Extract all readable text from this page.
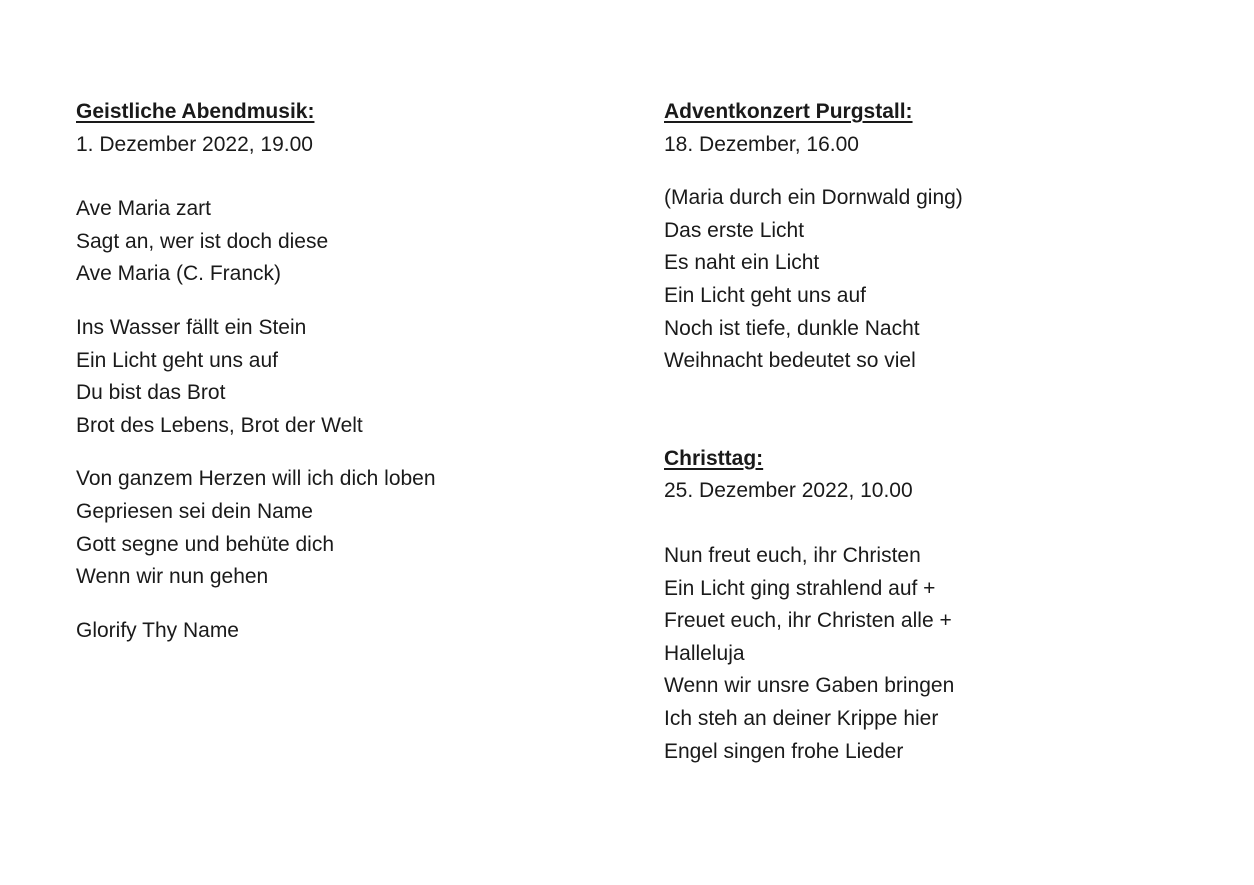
Geistliche Abendmusik:
1. Dezember 2022, 19.00
Ave Maria zart
Sagt an, wer ist doch diese
Ave Maria (C. Franck)
Ins Wasser fällt ein Stein
Ein Licht geht uns auf
Du bist das Brot
Brot des Lebens, Brot der Welt
Von ganzem Herzen will ich dich loben
Gepriesen sei dein Name
Gott segne und behüte dich
Wenn wir nun gehen
Glorify Thy Name
Adventkonzert Purgstall:
18. Dezember, 16.00
(Maria durch ein Dornwald ging)
Das erste Licht
Es naht ein Licht
Ein Licht geht uns auf
Noch ist tiefe, dunkle Nacht
Weihnacht bedeutet so viel
Christtag:
25. Dezember 2022, 10.00
Nun freut euch, ihr Christen
Ein Licht ging strahlend auf +
Freuet euch, ihr Christen alle +
Halleluja
Wenn wir unsre Gaben bringen
Ich steh an deiner Krippe hier
Engel singen frohe Lieder
